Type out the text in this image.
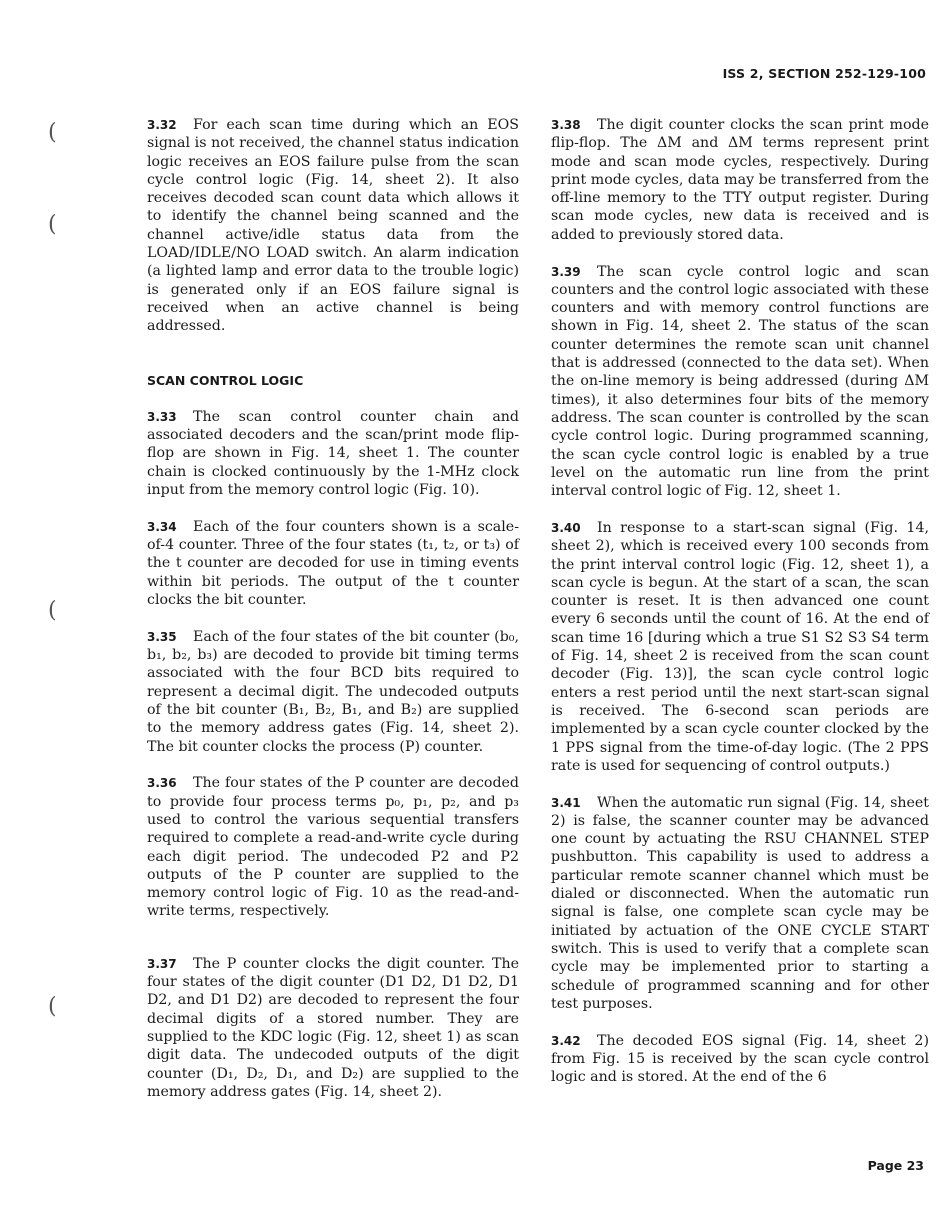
ISS 2, SECTION 252-129-100
(
(
(
(
3.32 For each scan time during which an EOS signal is not received, the channel status indication logic receives an EOS failure pulse from the scan cycle control logic (Fig. 14, sheet 2). It also receives decoded scan count data which allows it to identify the channel being scanned and the channel active/idle status data from the LOAD/IDLE/NO LOAD switch. An alarm indication (a lighted lamp and error data to the trouble logic) is generated only if an EOS failure signal is received when an active channel is being addressed.
SCAN CONTROL LOGIC
3.33 The scan control counter chain and associated decoders and the scan/print mode flip-flop are shown in Fig. 14, sheet 1. The counter chain is clocked continuously by the 1-MHz clock input from the memory control logic (Fig. 10).
3.34 Each of the four counters shown is a scale-of-4 counter. Three of the four states (t₁, t₂, or t₃) of the t counter are decoded for use in timing events within bit periods. The output of the t counter clocks the bit counter.
3.35 Each of the four states of the bit counter (b₀, b₁, b₂, b₃) are decoded to provide bit timing terms associated with the four BCD bits required to represent a decimal digit. The undecoded outputs of the bit counter (B₁, B₂, B₁, and B₂) are supplied to the memory address gates (Fig. 14, sheet 2). The bit counter clocks the process (P) counter.
3.36 The four states of the P counter are decoded to provide four process terms p₀, p₁, p₂, and p₃ used to control the various sequential transfers required to complete a read-and-write cycle during each digit period. The undecoded P2 and P2 outputs of the P counter are supplied to the memory control logic of Fig. 10 as the read-and-write terms, respectively.
3.37 The P counter clocks the digit counter. The four states of the digit counter (D1 D2, D1 D2, D1 D2, and D1 D2) are decoded to represent the four decimal digits of a stored number. They are supplied to the KDC logic (Fig. 12, sheet 1) as scan digit data. The undecoded outputs of the digit counter (D₁, D₂, D₁, and D₂) are supplied to the memory address gates (Fig. 14, sheet 2).
3.38 The digit counter clocks the scan print mode flip-flop. The ΔM and ΔM terms represent print mode and scan mode cycles, respectively. During print mode cycles, data may be transferred from the off-line memory to the TTY output register. During scan mode cycles, new data is received and is added to previously stored data.
3.39 The scan cycle control logic and scan counters and the control logic associated with these counters and with memory control functions are shown in Fig. 14, sheet 2. The status of the scan counter determines the remote scan unit channel that is addressed (connected to the data set). When the on-line memory is being addressed (during ΔM times), it also determines four bits of the memory address. The scan counter is controlled by the scan cycle control logic. During programmed scanning, the scan cycle control logic is enabled by a true level on the automatic run line from the print interval control logic of Fig. 12, sheet 1.
3.40 In response to a start-scan signal (Fig. 14, sheet 2), which is received every 100 seconds from the print interval control logic (Fig. 12, sheet 1), a scan cycle is begun. At the start of a scan, the scan counter is reset. It is then advanced one count every 6 seconds until the count of 16. At the end of scan time 16 [during which a true S1 S2 S3 S4 term of Fig. 14, sheet 2 is received from the scan count decoder (Fig. 13)], the scan cycle control logic enters a rest period until the next start-scan signal is received. The 6-second scan periods are implemented by a scan cycle counter clocked by the 1 PPS signal from the time-of-day logic. (The 2 PPS rate is used for sequencing of control outputs.)
3.41 When the automatic run signal (Fig. 14, sheet 2) is false, the scanner counter may be advanced one count by actuating the RSU CHANNEL STEP pushbutton. This capability is used to address a particular remote scanner channel which must be dialed or disconnected. When the automatic run signal is false, one complete scan cycle may be initiated by actuation of the ONE CYCLE START switch. This is used to verify that a complete scan cycle may be implemented prior to starting a schedule of programmed scanning and for other test purposes.
3.42 The decoded EOS signal (Fig. 14, sheet 2) from Fig. 15 is received by the scan cycle control logic and is stored. At the end of the 6
Page 23
